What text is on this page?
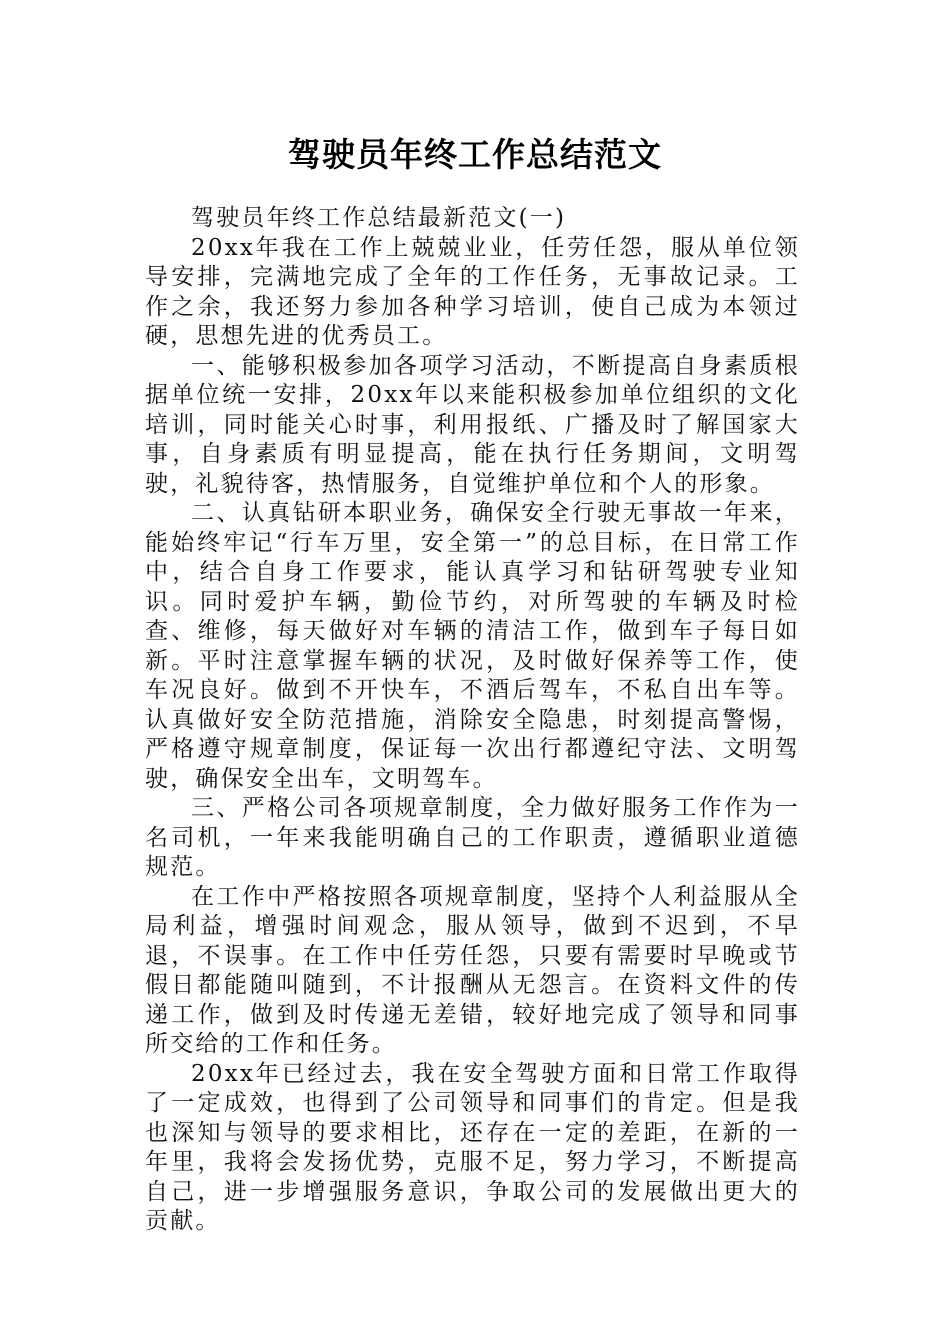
驾驶员年终工作总结范文

驾驶员年终工作总结最新范文(一)

20xx年我在工作上兢兢业业，任劳任怨，服从单位领导安排，完满地完成了全年的工作任务，无事故记录。工作之余，我还努力参加各种学习培训，使自己成为本领过硬，思想先进的优秀员工。

一、能够积极参加各项学习活动，不断提高自身素质根据单位统一安排，20xx年以来能积极参加单位组织的文化培训，同时能关心时事，利用报纸、广播及时了解国家大事，自身素质有明显提高，能在执行任务期间，文明驾驶，礼貌待客，热情服务，自觉维护单位和个人的形象。

二、认真钻研本职业务，确保安全行驶无事故一年来，能始终牢记“行车万里，安全第一”的总目标，在日常工作中，结合自身工作要求，能认真学习和钻研驾驶专业知识。同时爱护车辆，勤俭节约，对所驾驶的车辆及时检查、维修，每天做好对车辆的清洁工作，做到车子每日如新。平时注意掌握车辆的状况，及时做好保养等工作，使车况良好。做到不开快车，不酒后驾车，不私自出车等。认真做好安全防范措施，消除安全隐患，时刻提高警惕，严格遵守规章制度，保证每一次出行都遵纪守法、文明驾驶，确保安全出车，文明驾车。

三、严格公司各项规章制度，全力做好服务工作作为一名司机，一年来我能明确自己的工作职责，遵循职业道德规范。

在工作中严格按照各项规章制度，坚持个人利益服从全局利益，增强时间观念，服从领导，做到不迟到，不早退，不误事。在工作中任劳任怨，只要有需要时早晚或节假日都能随叫随到，不计报酬从无怨言。在资料文件的传递工作，做到及时传递无差错，较好地完成了领导和同事所交给的工作和任务。

20xx年已经过去，我在安全驾驶方面和日常工作取得了一定成效，也得到了公司领导和同事们的肯定。但是我也深知与领导的要求相比，还存在一定的差距，在新的一年里，我将会发扬优势，克服不足，努力学习，不断提高自己，进一步增强服务意识，争取公司的发展做出更大的贡献。
